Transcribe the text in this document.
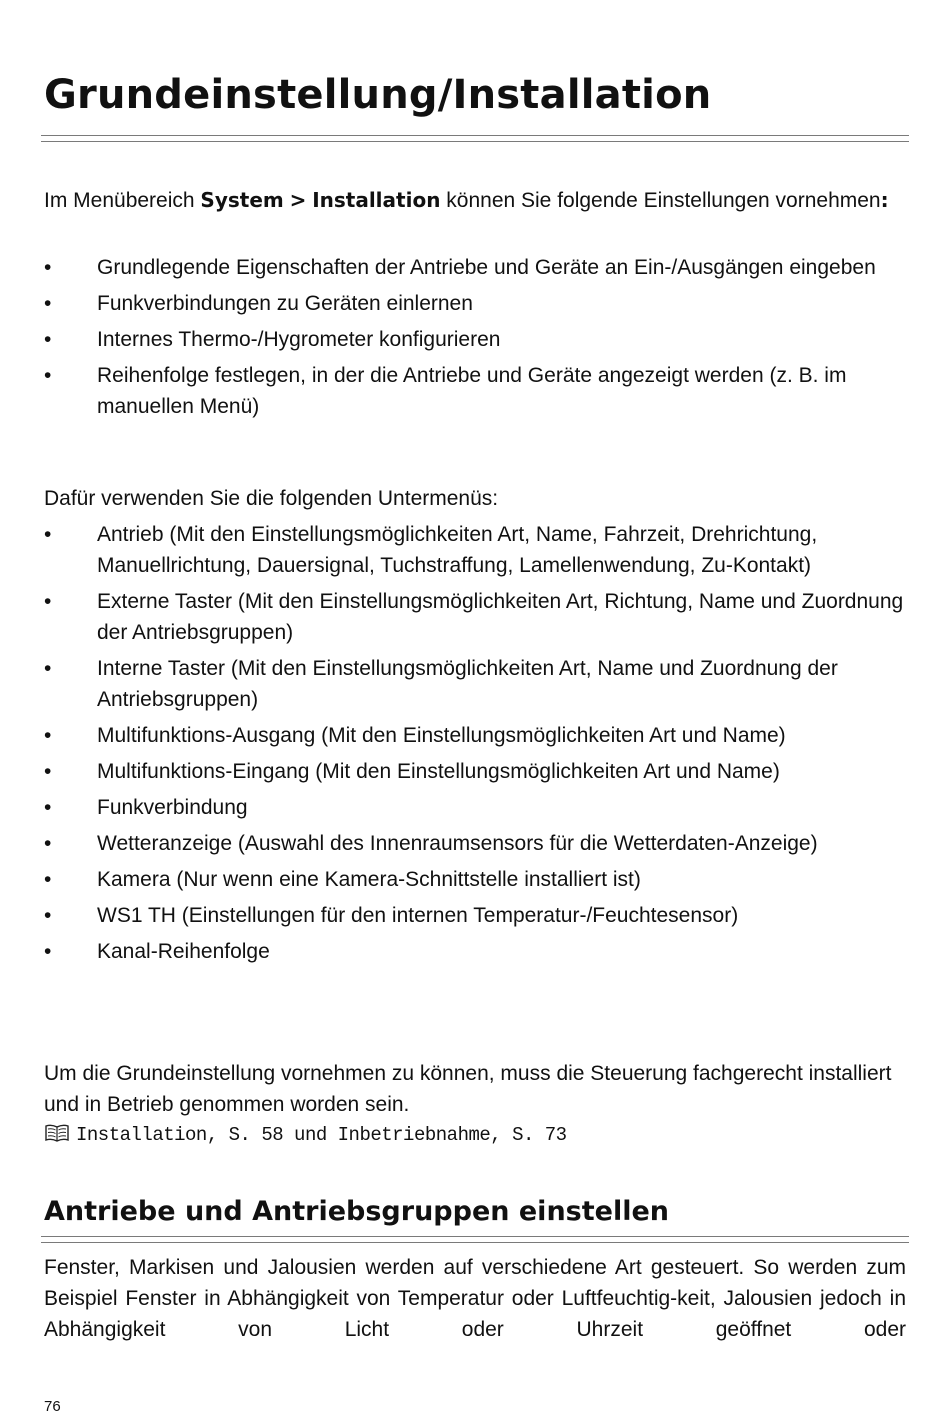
Grundeinstellung/Installation

Im Menübereich System > Installation können Sie folgende Einstellungen vornehmen:

• Grundlegende Eigenschaften der Antriebe und Geräte an Ein-/Ausgängen eingeben
• Funkverbindungen zu Geräten einlernen
• Internes Thermo-/Hygrometer konfigurieren
• Reihenfolge festlegen, in der die Antriebe und Geräte angezeigt werden (z. B. im manuellen Menü)

Dafür verwenden Sie die folgenden Untermenüs:

• Antrieb (Mit den Einstellungsmöglichkeiten Art, Name, Fahrzeit, Drehrichtung, Manuellrichtung, Dauersignal, Tuchstraffung, Lamellenwendung, Zu-Kontakt)
• Externe Taster (Mit den Einstellungsmöglichkeiten Art, Richtung, Name und Zuordnung der Antriebsgruppen)
• Interne Taster (Mit den Einstellungsmöglichkeiten Art, Name und Zuordnung der Antriebsgruppen)
• Multifunktions-Ausgang (Mit den Einstellungsmöglichkeiten Art und Name)
• Multifunktions-Eingang (Mit den Einstellungsmöglichkeiten Art und Name)
• Funkverbindung
• Wetteranzeige (Auswahl des Innenraumsensors für die Wetterdaten-Anzeige)
• Kamera (Nur wenn eine Kamera-Schnittstelle installiert ist)
• WS1 TH (Einstellungen für den internen Temperatur-/Feuchtesensor)
• Kanal-Reihenfolge

Um die Grundeinstellung vornehmen zu können, muss die Steuerung fachgerecht installiert und in Betrieb genommen worden sein.

Installation, S. 58 und Inbetriebnahme, S. 73
Antriebe und Antriebsgruppen einstellen

Fenster, Markisen und Jalousien werden auf verschiedene Art gesteuert. So werden zum Beispiel Fenster in Abhängigkeit von Temperatur oder Luftfeuchtig-keit, Jalousien jedoch in Abhängigkeit von Licht oder Uhrzeit geöffnet oder

76
